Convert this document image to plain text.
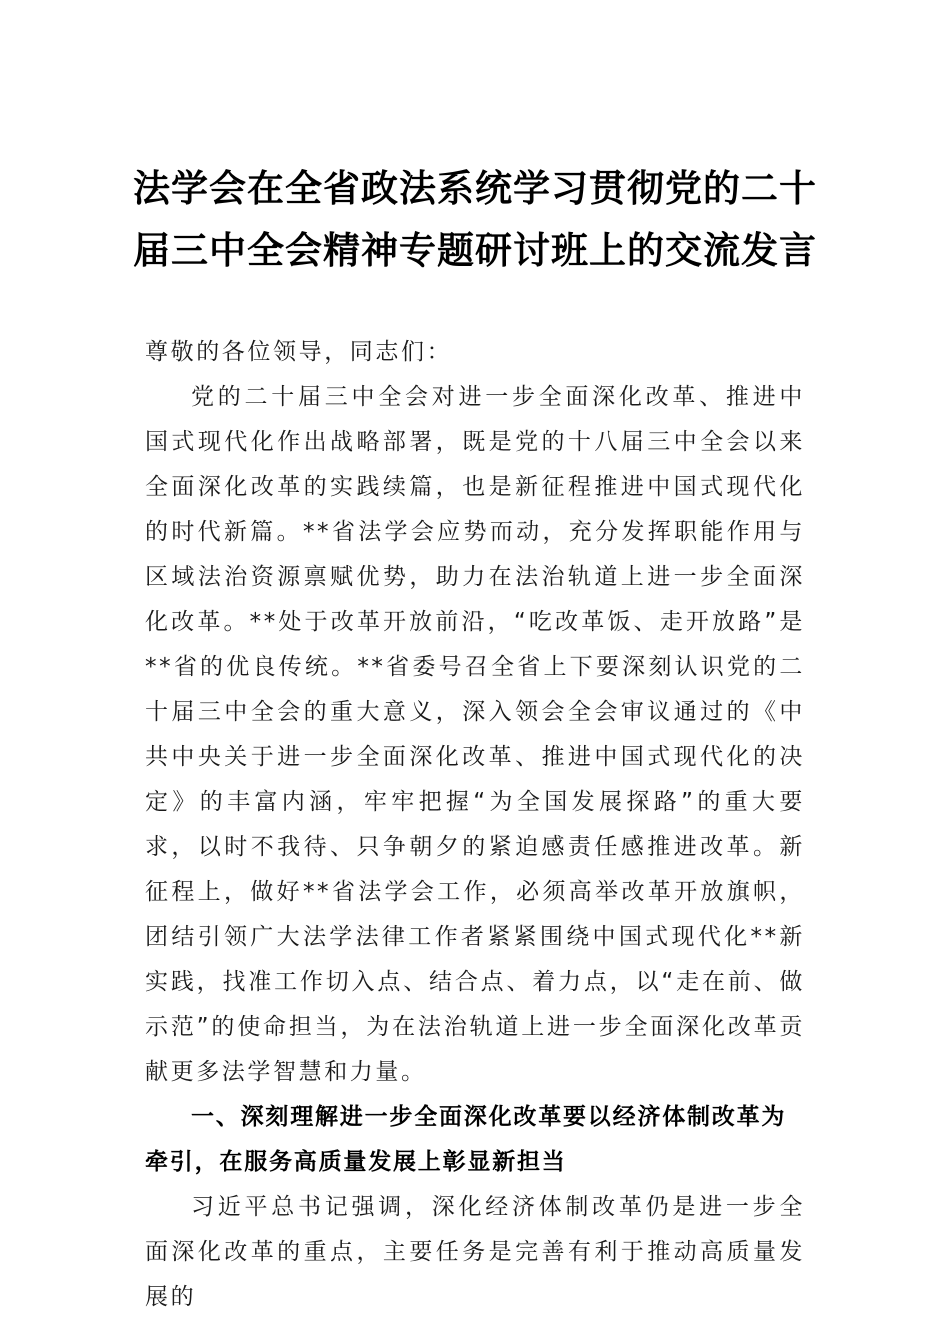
法学会在全省政法系统学习贯彻党的二十
届三中全会精神专题研讨班上的交流发言

尊敬的各位领导，同志们：

党的二十届三中全会对进一步全面深化改革、推进中国式现代化作出战略部署，既是党的十八届三中全会以来全面深化改革的实践续篇，也是新征程推进中国式现代化的时代新篇。**省法学会应势而动，充分发挥职能作用与区域法治资源禀赋优势，助力在法治轨道上进一步全面深化改革。**处于改革开放前沿，“吃改革饭、走开放路”是**省的优良传统。**省委号召全省上下要深刻认识党的二十届三中全会的重大意义，深入领会全会审议通过的《中共中央关于进一步全面深化改革、推进中国式现代化的决定》的丰富内涵，牢牢把握“为全国发展探路”的重大要求，以时不我待、只争朝夕的紧迫感责任感推进改革。新征程上，做好**省法学会工作，必须高举改革开放旗帜，团结引领广大法学法律工作者紧紧围绕中国式现代化**新实践，找准工作切入点、结合点、着力点，以“走在前、做示范”的使命担当，为在法治轨道上进一步全面深化改革贡献更多法学智慧和力量。

一、深刻理解进一步全面深化改革要以经济体制改革为牵引，在服务高质量发展上彰显新担当

习近平总书记强调，深化经济体制改革仍是进一步全面深化改革的重点，主要任务是完善有利于推动高质量发展的
